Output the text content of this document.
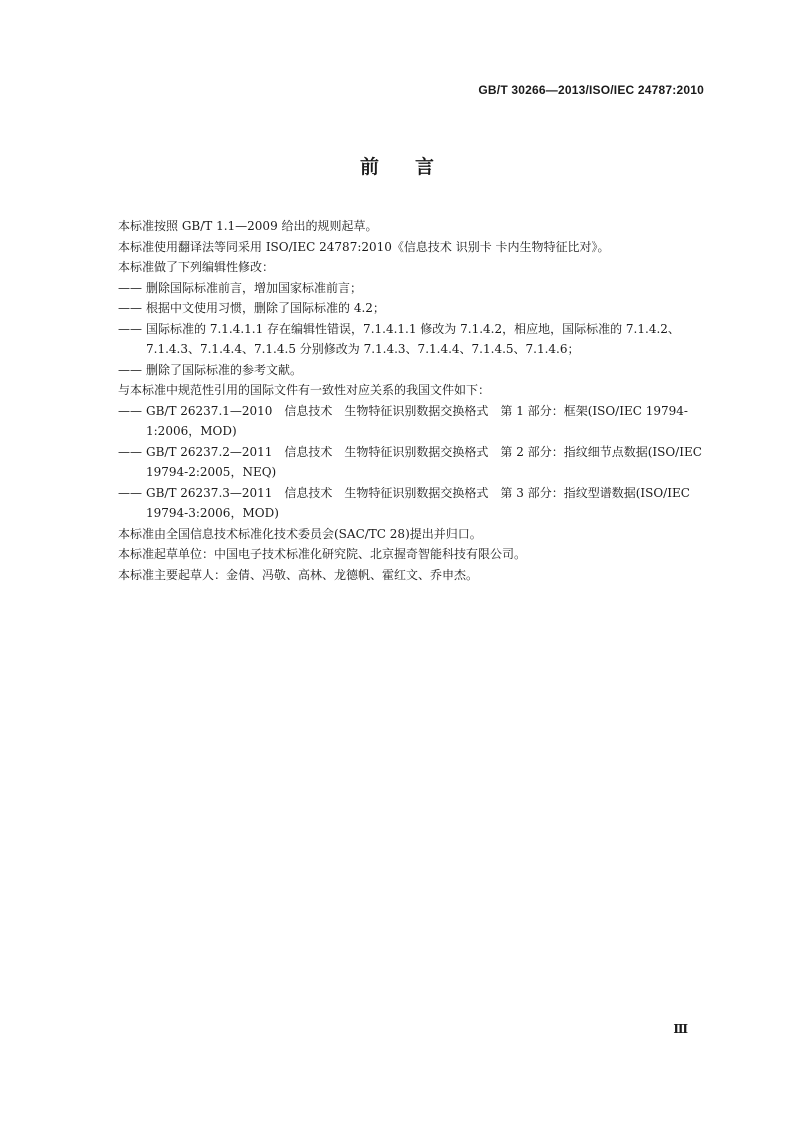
GB/T 30266—2013/ISO/IEC 24787:2010
前言
本标准按照 GB/T 1.1—2009 给出的规则起草。
本标准使用翻译法等同采用 ISO/IEC 24787:2010《信息技术 识别卡 卡内生物特征比对》。
本标准做了下列编辑性修改：
—— 删除国际标准前言，增加国家标准前言；
—— 根据中文使用习惯，删除了国际标准的 4.2；
—— 国际标准的 7.1.4.1.1 存在编辑性错误，7.1.4.1.1 修改为 7.1.4.2，相应地，国际标准的 7.1.4.2、7.1.4.3、7.1.4.4、7.1.4.5 分别修改为 7.1.4.3、7.1.4.4、7.1.4.5、7.1.4.6；
—— 删除了国际标准的参考文献。
与本标准中规范性引用的国际文件有一致性对应关系的我国文件如下：
—— GB/T 26237.1—2010　信息技术　生物特征识别数据交换格式　第 1 部分：框架(ISO/IEC 19794-1:2006，MOD)
—— GB/T 26237.2—2011　信息技术　生物特征识别数据交换格式　第 2 部分：指纹细节点数据(ISO/IEC 19794-2:2005，NEQ)
—— GB/T 26237.3—2011　信息技术　生物特征识别数据交换格式　第 3 部分：指纹型谱数据(ISO/IEC 19794-3:2006，MOD)
本标准由全国信息技术标准化技术委员会(SAC/TC 28)提出并归口。
本标准起草单位：中国电子技术标准化研究院、北京握奇智能科技有限公司。
本标准主要起草人：金倩、冯敬、高林、龙德帆、霍红文、乔申杰。
Ⅲ
